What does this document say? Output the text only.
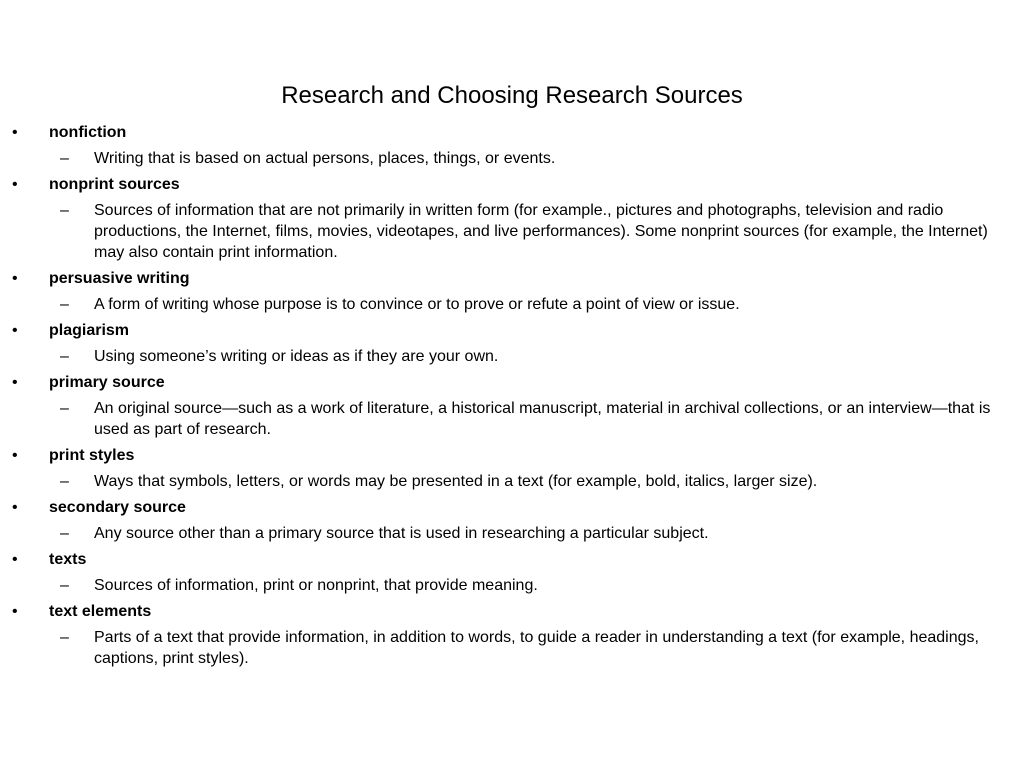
Research and Choosing Research Sources
• nonfiction
– Writing that is based on actual persons, places, things, or events.
• nonprint sources
– Sources of information that are not primarily in written form (for example., pictures and photographs, television and radio productions, the Internet, films, movies, videotapes, and live performances). Some nonprint sources (for example, the Internet) may also contain print information.
• persuasive writing
– A form of writing whose purpose is to convince or to prove or refute a point of view or issue.
• plagiarism
– Using someone’s writing or ideas as if they are your own.
• primary source
– An original source—such as a work of literature, a historical manuscript, material in archival collections, or an interview—that is used as part of research.
• print styles
– Ways that symbols, letters, or words may be presented in a text (for example, bold, italics, larger size).
• secondary source
– Any source other than a primary source that is used in researching a particular subject.
• texts
– Sources of information, print or nonprint, that provide meaning.
• text elements
– Parts of a text that provide information, in addition to words, to guide a reader in understanding a text (for example, headings, captions, print styles).
